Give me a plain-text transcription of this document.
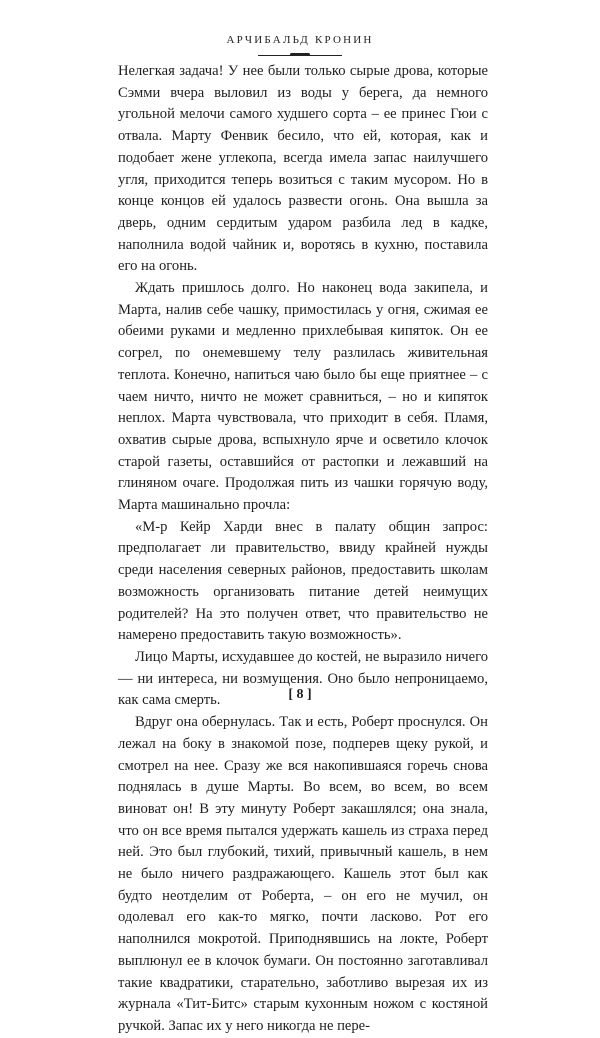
АРЧИБАЛЬД КРОНИН

Нелегкая задача! У нее были только сырые дрова, которые Сэмми вчера выловил из воды у берега, да немного угольной мелочи самого худшего сорта – ее принес Гюи с отвала. Марту Фенвик бесило, что ей, которая, как и подобает жене углекопа, всегда имела запас наилучшего угля, приходится теперь возиться с таким мусором. Но в конце концов ей удалось развести огонь. Она вышла за дверь, одним сердитым ударом разбила лед в кадке, наполнила водой чайник и, воротясь в кухню, поставила его на огонь.

Ждать пришлось долго. Но наконец вода закипела, и Марта, налив себе чашку, примостилась у огня, сжимая ее обеими руками и медленно прихлебывая кипяток. Он ее согрел, по онемевшему телу разлилась живительная теплота. Конечно, напиться чаю было бы еще приятнее – с чаем ничто, ничто не может сравниться, – но и кипяток неплох. Марта чувствовала, что приходит в себя. Пламя, охватив сырые дрова, вспыхнуло ярче и осветило клочок старой газеты, оставшийся от растопки и лежавший на глиняном очаге. Продолжая пить из чашки горячую воду, Марта машинально прочла:

«М-р Кейр Харди внес в палату общин запрос: предполагает ли правительство, ввиду крайней нужды среди населения северных районов, предоставить школам возможность организовать питание детей неимущих родителей? На это получен ответ, что правительство не намерено предоставить такую возможность».

Лицо Марты, исхудавшее до костей, не выразило ничего — ни интереса, ни возмущения. Оно было непроницаемо, как сама смерть.

Вдруг она обернулась. Так и есть, Роберт проснулся. Он лежал на боку в знакомой позе, подперев щеку рукой, и смотрел на нее. Сразу же вся накопившаяся горечь снова поднялась в душе Марты. Во всем, во всем, во всем виноват он! В эту минуту Роберт закашлялся; она знала, что он все время пытался удержать кашель из страха перед ней. Это был глубокий, тихий, привычный кашель, в нем не было ничего раздражающего. Кашель этот был как будто неотделим от Роберта, – он его не мучил, он одолевал его как-то мягко, почти ласково. Рот его наполнился мокротой. Приподнявшись на локте, Роберт выплюнул ее в клочок бумаги. Он постоянно заготавливал такие квадратики, старательно, заботливо вырезая их из журнала «Тит-Битс» старым кухонным ножом с костяной ручкой. Запас их у него никогда не пере-

[ 8 ]
